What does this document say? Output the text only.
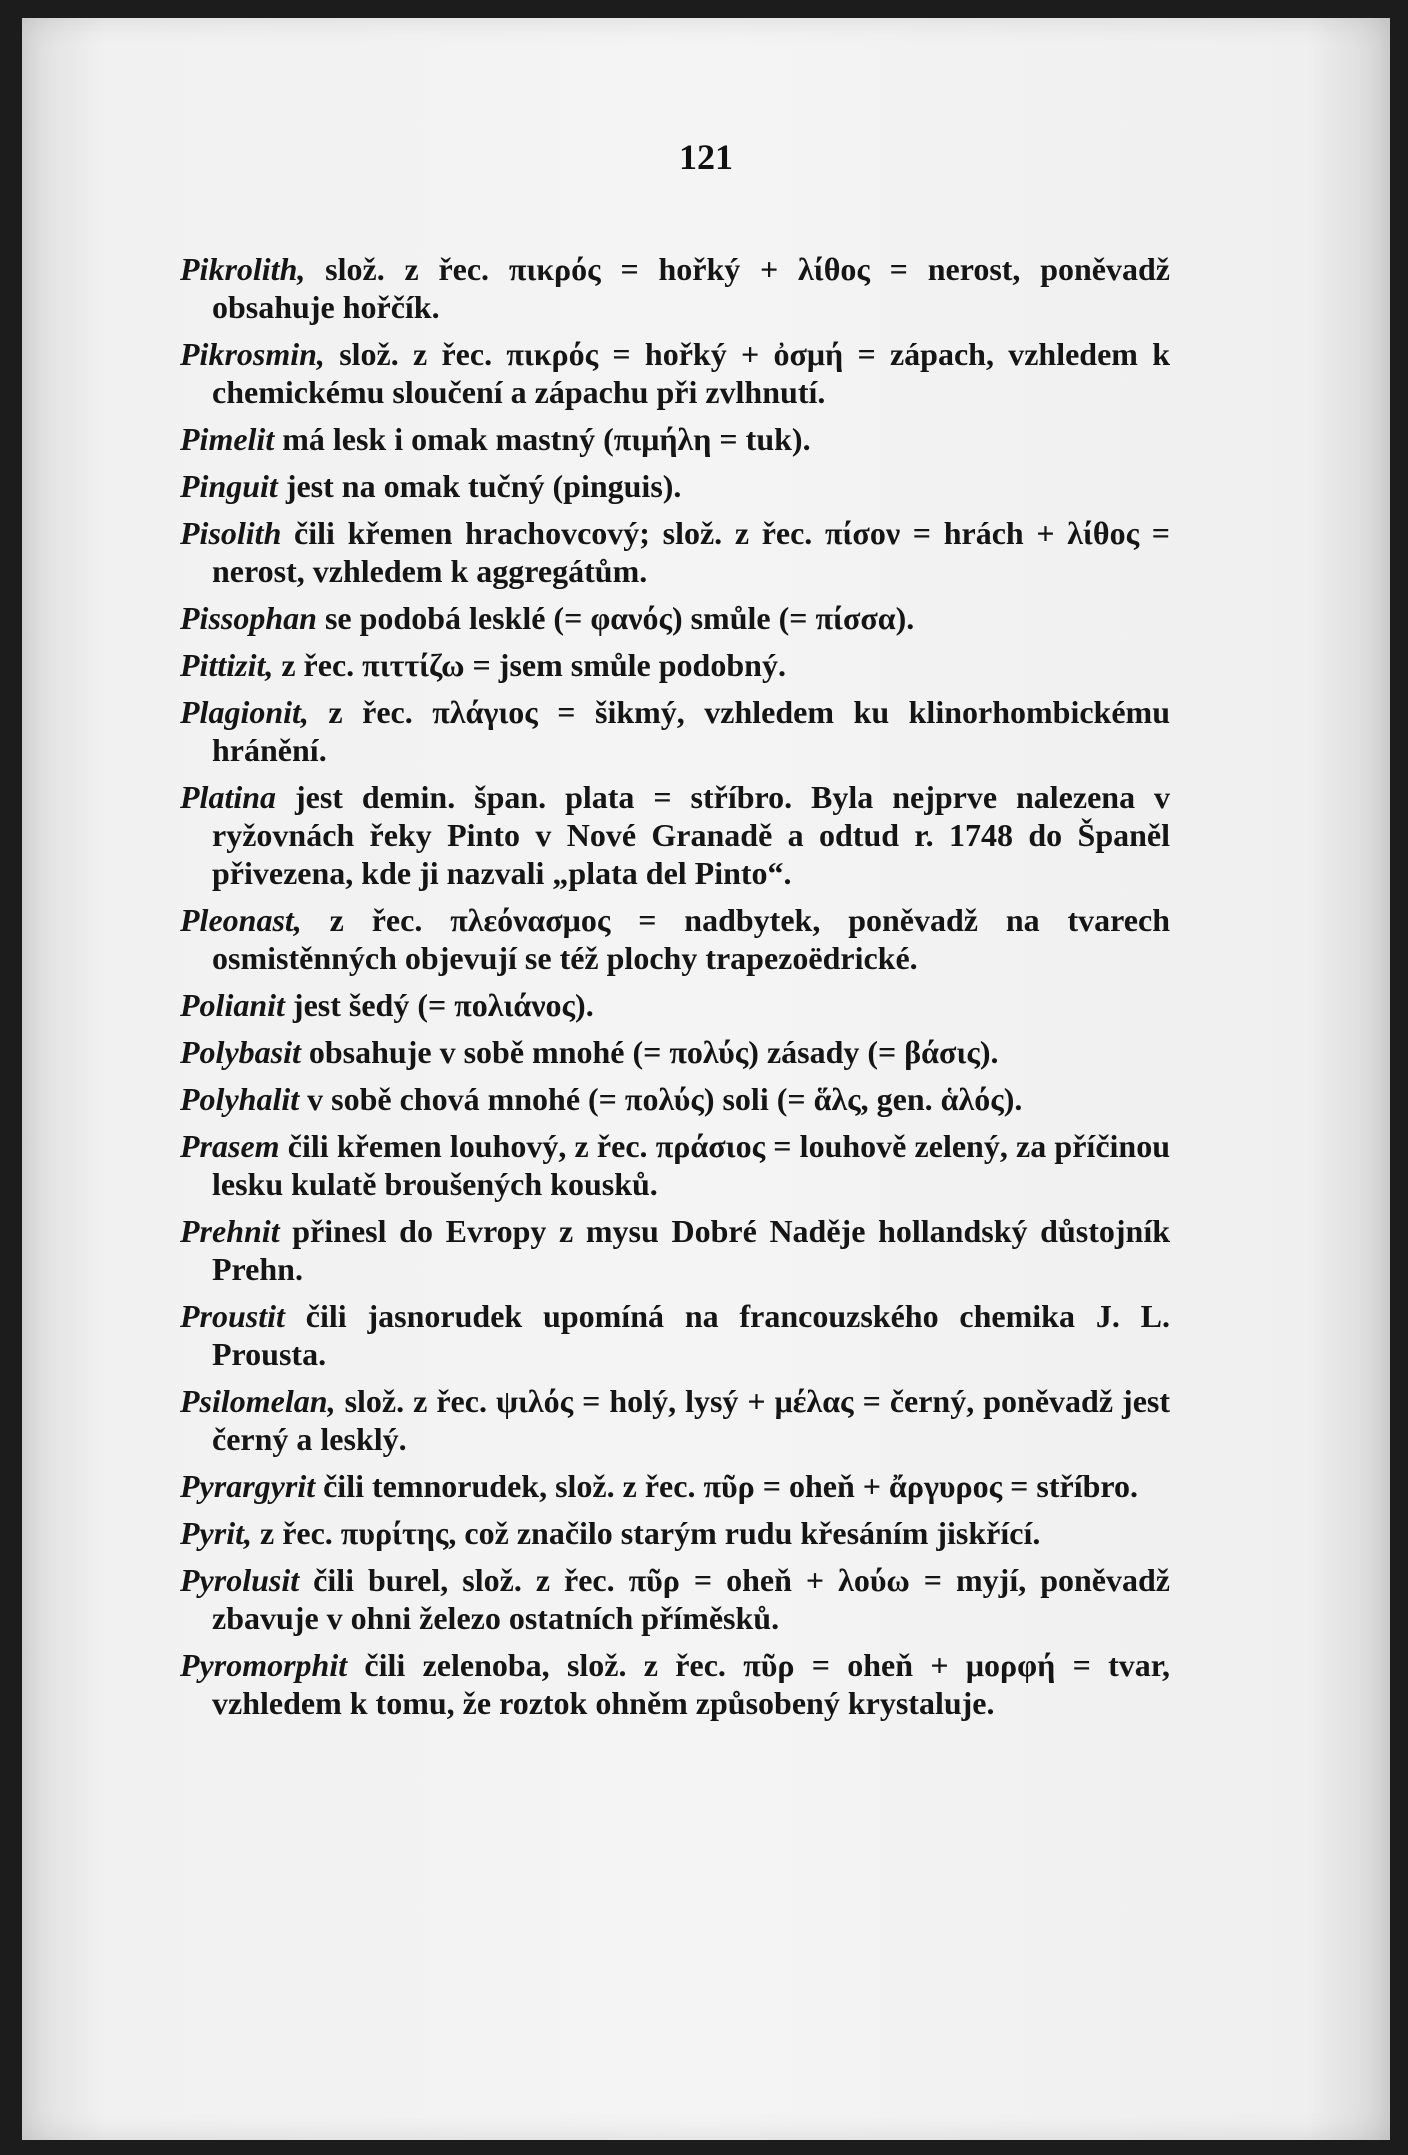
121

Pikrolith, slož. z řec. πικρός = hořký + λίθος = nerost, poněvadž obsahuje hořčík.

Pikrosmin, slož. z řec. πικρός = hořký + ὀσμή = zápach, vzhledem k chemickému sloučení a zápachu při zvlhnutí.

Pimelit má lesk i omak mastný (πιμήλη = tuk).

Pinguit jest na omak tučný (pinguis).

Pisolith čili křemen hrachovcový; slož. z řec. πίσον = hrách + λίθος = nerost, vzhledem k aggregátům.

Pissophan se podobá lesklé (= φανός) smůle (= πίσσα).

Pittizit, z řec. πιττίζω = jsem smůle podobný.

Plagionit, z řec. πλάγιος = šikmý, vzhledem ku klinorhombickému hránění.

Platina jest demin. špan. plata = stříbro. Byla nejprve nalezena v ryžovnách řeky Pinto v Nové Granadě a odtud r. 1748 do Španěl přivezena, kde ji nazvali „plata del Pinto“.

Pleonast, z řec. πλεόνασμος = nadbytek, poněvadž na tvarech osmistěnných objevují se též plochy trapezoëdrické.

Polianit jest šedý (= πολιάνος).

Polybasit obsahuje v sobě mnohé (= πολύς) zásady (= βάσις).

Polyhalit v sobě chová mnohé (= πολύς) soli (= ἅλς, gen. ἁλός).

Prasem čili křemen louhový, z řec. πράσιος = louhově zelený, za příčinou lesku kulatě broušených kousků.

Prehnit přinesl do Evropy z mysu Dobré Naděje hollandský důstojník Prehn.

Proustit čili jasnorudek upomíná na francouzského chemika J. L. Prousta.

Psilomelan, slož. z řec. ψιλός = holý, lysý + μέλας = černý, poněvadž jest černý a lesklý.

Pyrargyrit čili temnorudek, slož. z řec. πῦρ = oheň + ἄργυρος = stříbro.

Pyrit, z řec. πυρίτης, což značilo starým rudu křesáním jiskřící.

Pyrolusit čili burel, slož. z řec. πῦρ = oheň + λούω = myjí, poněvadž zbavuje v ohni železo ostatních příměsků.

Pyromorphit čili zelenoba, slož. z řec. πῦρ = oheň + μορφή = tvar, vzhledem k tomu, že roztok ohněm způsobený krystaluje.
